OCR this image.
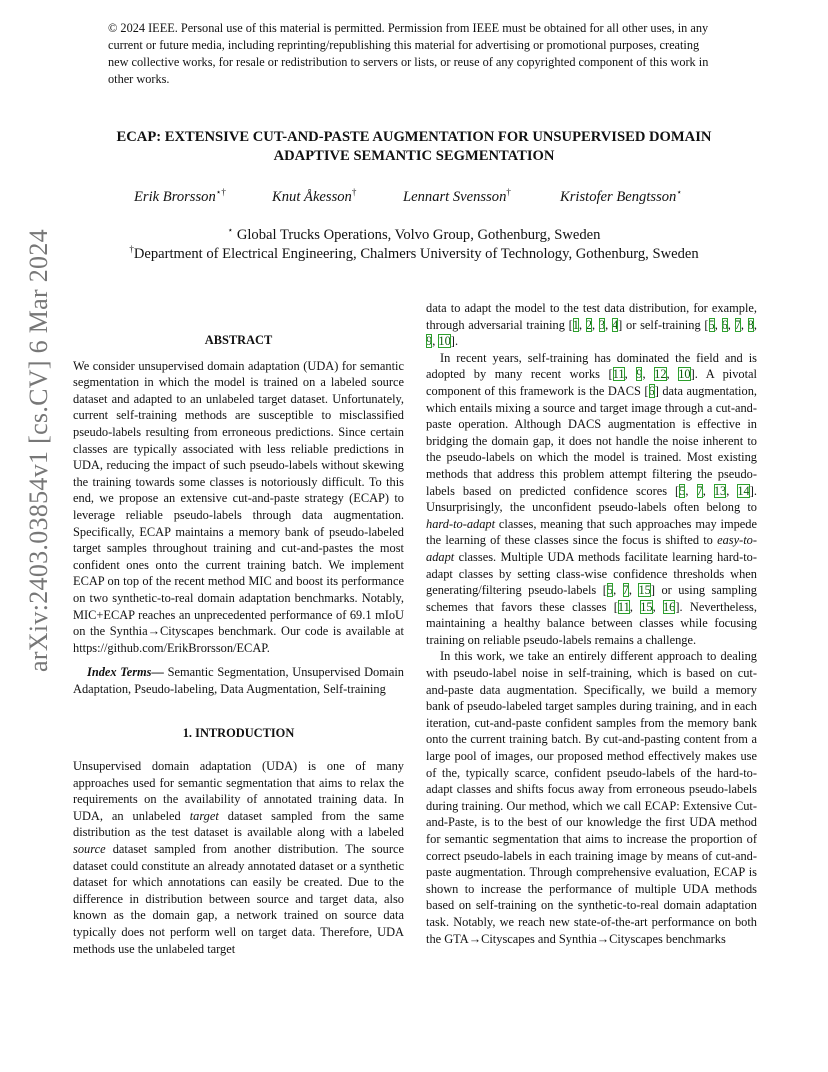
© 2024 IEEE. Personal use of this material is permitted. Permission from IEEE must be obtained for all other uses, in any current or future media, including reprinting/republishing this material for advertising or promotional purposes, creating new collective works, for resale or redistribution to servers or lists, or reuse of any copyrighted component of this work in other works.
ECAP: EXTENSIVE CUT-AND-PASTE AUGMENTATION FOR UNSUPERVISED DOMAIN
ADAPTIVE SEMANTIC SEGMENTATION
Erik Brorsson⋆†	Knut Åkesson†	Lennart Svensson†	Kristofer Bengtsson⋆
⋆ Global Trucks Operations, Volvo Group, Gothenburg, Sweden
†Department of Electrical Engineering, Chalmers University of Technology, Gothenburg, Sweden
arXiv:2403.03854v1 [cs.CV] 6 Mar 2024	ABSTRACT

We consider unsupervised domain adaptation (UDA) for semantic segmentation in which the model is trained on a labeled source dataset and adapted to an unlabeled target dataset. Unfortunately, current self-training methods are susceptible to misclassified pseudo-labels resulting from erroneous predictions. Since certain classes are typically associated with less reliable predictions in UDA, reducing the impact of such pseudo-labels without skewing the training towards some classes is notoriously difficult. To this end, we propose an extensive cut-and-paste strategy (ECAP) to leverage reliable pseudo-labels through data augmentation. Specifically, ECAP maintains a memory bank of pseudo-labeled target samples throughout training and cut-and-pastes the most confident ones onto the current training batch. We implement ECAP on top of the recent method MIC and boost its performance on two synthetic-to-real domain adaptation benchmarks. Notably, MIC+ECAP reaches an unprecedented performance of 69.1 mIoU on the Synthia→Cityscapes benchmark. Our code is available at https://github.com/ErikBrorsson/ECAP.

Index Terms— Semantic Segmentation, Unsupervised Domain Adaptation, Pseudo-labeling, Data Augmentation, Self-training

1. INTRODUCTION

Unsupervised domain adaptation (UDA) is one of many approaches used for semantic segmentation that aims to relax the requirements on the availability of annotated training data. In UDA, an unlabeled target dataset sampled from the same distribution as the test dataset is available along with a labeled source dataset sampled from another distribution. The source dataset could constitute an already annotated dataset or a synthetic dataset for which annotations can easily be created. Due to the difference in distribution between source and target data, also known as the domain gap, a network trained on source data typically does not perform well on target data. Therefore, UDA methods use the unlabeled target

data to adapt the model to the test data distribution, for example, through adversarial training [1, 2, 3, 4] or self-training [5, 6, 7, 8, 9, 10].

In recent years, self-training has dominated the field and is adopted by many recent works [11, 9, 12, 10]. A pivotal component of this framework is the DACS [6] data augmentation, which entails mixing a source and target image through a cut-and-paste operation. Although DACS augmentation is effective in bridging the domain gap, it does not handle the noise inherent to the pseudo-labels on which the model is trained. Most existing methods that address this problem attempt filtering the pseudo-labels based on predicted confidence scores [5, 7, 13, 14]. Unsurprisingly, the unconfident pseudo-labels often belong to hard-to-adapt classes, meaning that such approaches may impede the learning of these classes since the focus is shifted to easy-to-adapt classes. Multiple UDA methods facilitate learning hard-to-adapt classes by setting class-wise confidence thresholds when generating/filtering pseudo-labels [5, 7, 15] or using sampling schemes that favors these classes [11, 15, 16]. Nevertheless, maintaining a healthy balance between classes while focusing training on reliable pseudo-labels remains a challenge.

In this work, we take an entirely different approach to dealing with pseudo-label noise in self-training, which is based on cut-and-paste data augmentation. Specifically, we build a memory bank of pseudo-labeled target samples during training, and in each iteration, cut-and-paste confident samples from the memory bank onto the current training batch. By cut-and-pasting content from a large pool of images, our proposed method effectively makes use of the, typically scarce, confident pseudo-labels of the hard-to-adapt classes and shifts focus away from erroneous pseudo-labels during training. Our method, which we call ECAP: Extensive Cut-and-Paste, is to the best of our knowledge the first UDA method for semantic segmentation that aims to increase the proportion of correct pseudo-labels in each training image by means of cut-and-paste augmentation. Through comprehensive evaluation, ECAP is shown to increase the performance of multiple UDA methods based on self-training on the synthetic-to-real domain adaptation task. Notably, we reach new state-of-the-art performance on both the GTA→Cityscapes and Synthia→Cityscapes benchmarks
